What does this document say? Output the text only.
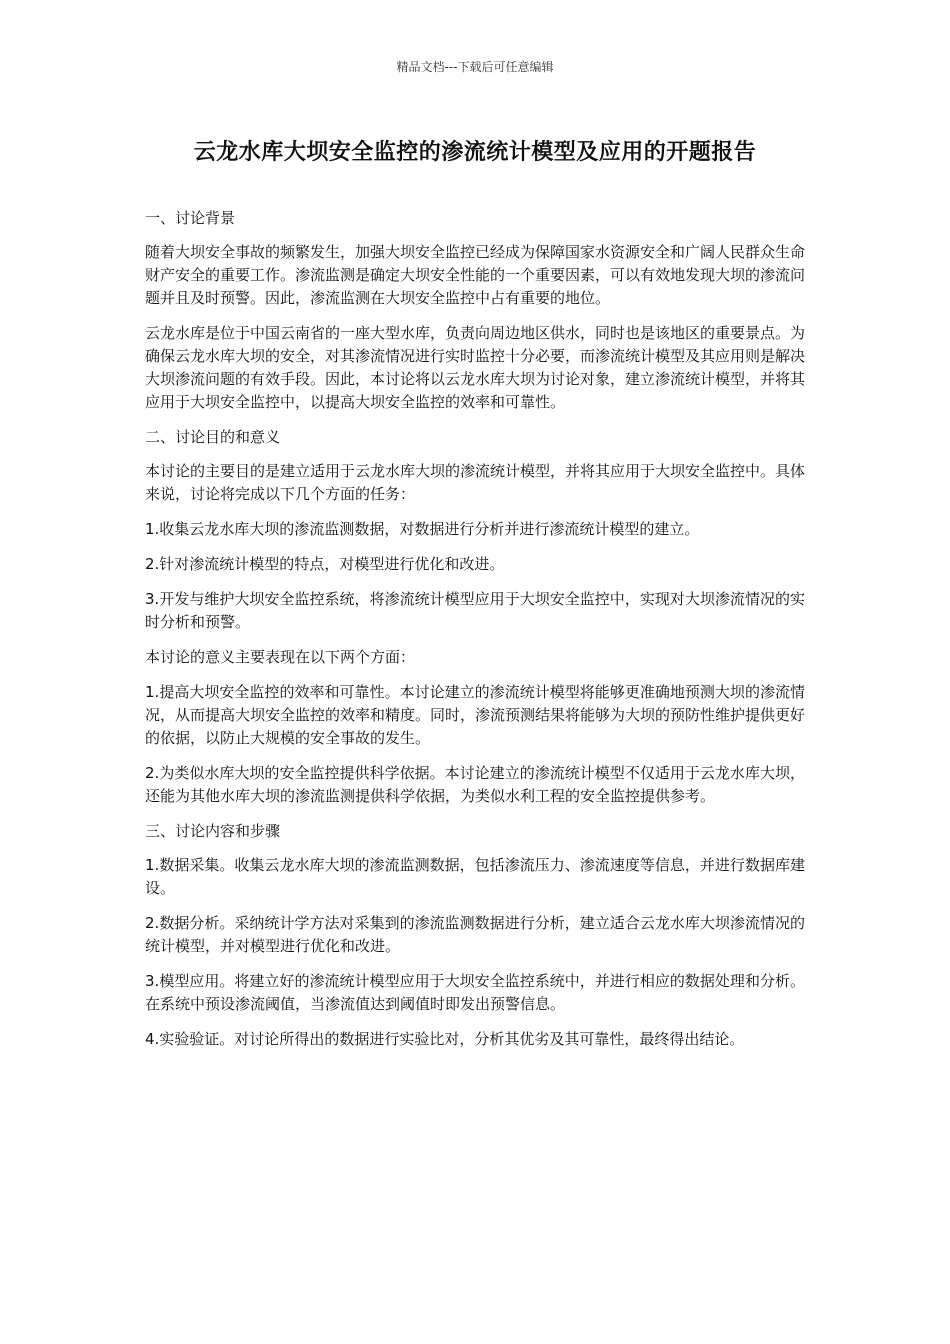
精品文档---下载后可任意编辑
云龙水库大坝安全监控的渗流统计模型及应用的开题报告
一、讨论背景

随着大坝安全事故的频繁发生，加强大坝安全监控已经成为保障国家水资源安全和广阔人民群众生命财产安全的重要工作。渗流监测是确定大坝安全性能的一个重要因素，可以有效地发现大坝的渗流问题并且及时预警。因此，渗流监测在大坝安全监控中占有重要的地位。

云龙水库是位于中国云南省的一座大型水库，负责向周边地区供水，同时也是该地区的重要景点。为确保云龙水库大坝的安全，对其渗流情况进行实时监控十分必要，而渗流统计模型及其应用则是解决大坝渗流问题的有效手段。因此，本讨论将以云龙水库大坝为讨论对象，建立渗流统计模型，并将其应用于大坝安全监控中，以提高大坝安全监控的效率和可靠性。

二、讨论目的和意义

本讨论的主要目的是建立适用于云龙水库大坝的渗流统计模型，并将其应用于大坝安全监控中。具体来说，讨论将完成以下几个方面的任务：

1.收集云龙水库大坝的渗流监测数据，对数据进行分析并进行渗流统计模型的建立。

2.针对渗流统计模型的特点，对模型进行优化和改进。

3.开发与维护大坝安全监控系统，将渗流统计模型应用于大坝安全监控中，实现对大坝渗流情况的实时分析和预警。

本讨论的意义主要表现在以下两个方面：

1.提高大坝安全监控的效率和可靠性。本讨论建立的渗流统计模型将能够更准确地预测大坝的渗流情况，从而提高大坝安全监控的效率和精度。同时，渗流预测结果将能够为大坝的预防性维护提供更好的依据，以防止大规模的安全事故的发生。

2.为类似水库大坝的安全监控提供科学依据。本讨论建立的渗流统计模型不仅适用于云龙水库大坝，还能为其他水库大坝的渗流监测提供科学依据，为类似水利工程的安全监控提供参考。

三、讨论内容和步骤

1.数据采集。收集云龙水库大坝的渗流监测数据，包括渗流压力、渗流速度等信息，并进行数据库建设。

2.数据分析。采纳统计学方法对采集到的渗流监测数据进行分析，建立适合云龙水库大坝渗流情况的统计模型，并对模型进行优化和改进。

3.模型应用。将建立好的渗流统计模型应用于大坝安全监控系统中，并进行相应的数据处理和分析。在系统中预设渗流阈值，当渗流值达到阈值时即发出预警信息。

4.实验验证。对讨论所得出的数据进行实验比对，分析其优劣及其可靠性，最终得出结论。
